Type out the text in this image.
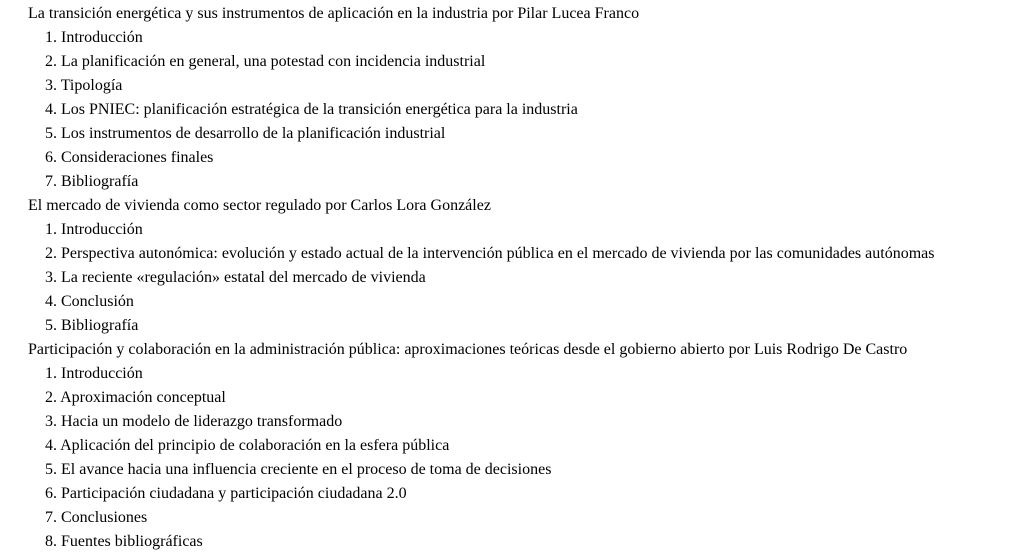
La transición energética y sus instrumentos de aplicación en la industria por Pilar Lucea Franco
1 . Introducción
2 . La planificación en general, una potestad con incidencia industrial
3 . Tipología
4 . Los PNIEC: planificación estratégica de la transición energética para la industria
5 . Los instrumentos de desarrollo de la planificación industrial
6 . Consideraciones finales
7 . Bibliografía
El mercado de vivienda como sector regulado por Carlos Lora González
1 . Introducción
2 . Perspectiva autonómica: evolución y estado actual de la intervención pública en el mercado de vivienda por las comunidades autónomas
3 . La reciente «regulación» estatal del mercado de vivienda
4 . Conclusión
5 . Bibliografía
Participación y colaboración en la administración pública: aproximaciones teóricas desde el gobierno abierto por Luis Rodrigo De Castro
1 . Introducción
2 . Aproximación conceptual
3 . Hacia un modelo de liderazgo transformado
4 . Aplicación del principio de colaboración en la esfera pública
5 . El avance hacia una influencia creciente en el proceso de toma de decisiones
6 . Participación ciudadana y participación ciudadana 2.0
7 . Conclusiones
8 . Fuentes bibliográficas
